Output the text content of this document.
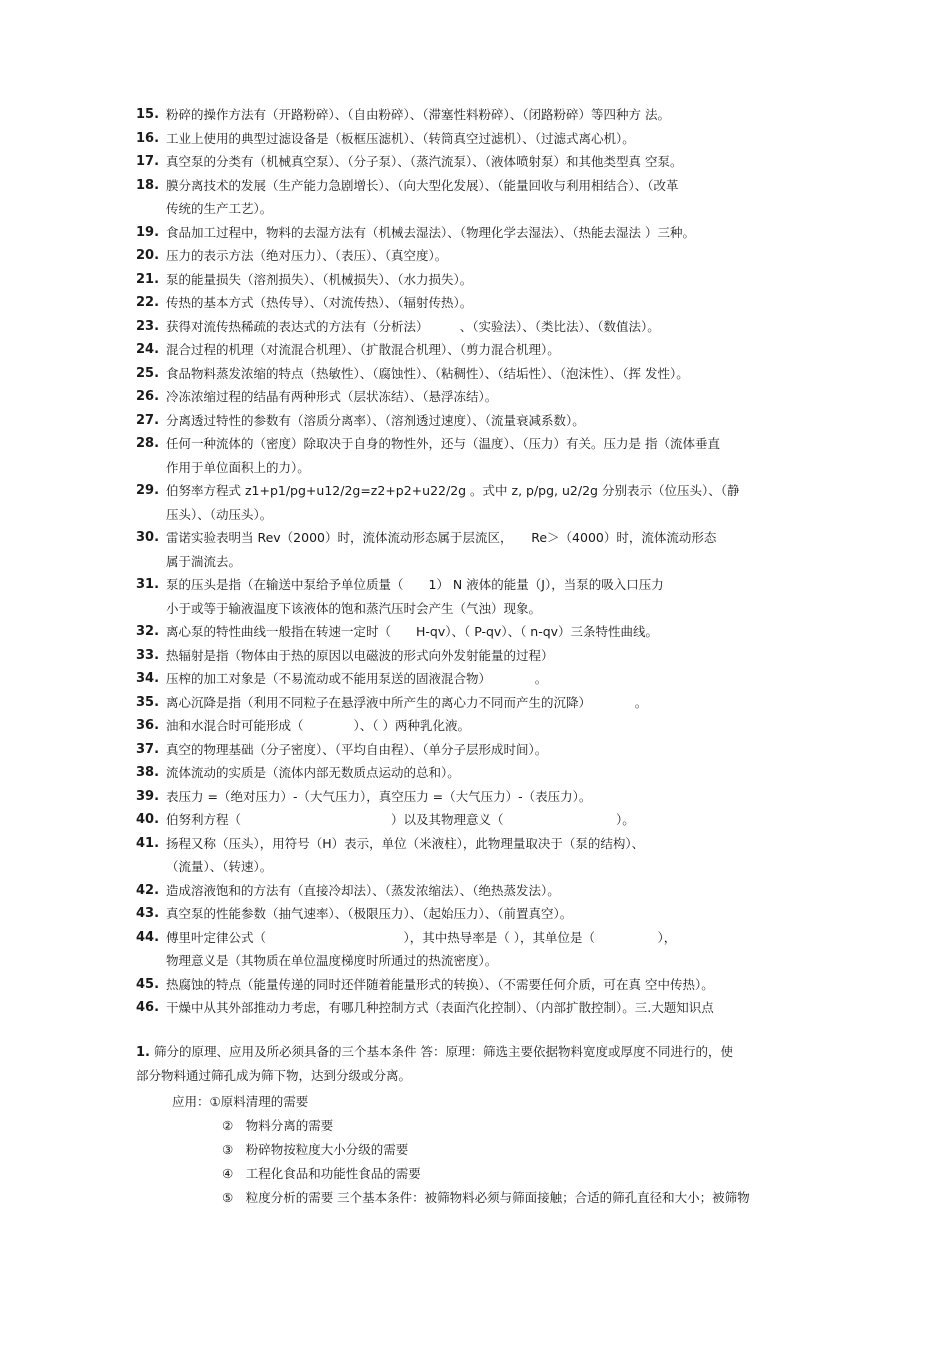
15. 粉碎的操作方法有（开路粉碎）、（自由粉碎）、（滞塞性料粉碎）、（闭路粉碎）等四种方 法。
16. 工业上使用的典型过滤设备是（板框压滤机）、（转筒真空过滤机）、（过滤式离心机）。
17. 真空泵的分类有（机械真空泵）、（分子泵）、（蒸汽流泵）、（液体喷射泵）和其他类型真 空泵。
18. 膜分离技术的发展（生产能力急剧增长）、（向大型化发展）、（能量回收与利用相结合）、（改革
传统的生产工艺）。
19. 食品加工过程中，物料的去湿方法有（机械去湿法）、（物理化学去湿法）、（热能去湿法 ）三种。
20. 压力的表示方法（绝对压力）、（表压）、（真空度）。
21. 泵的能量损失（溶剂损失）、（机械损失）、（水力损失）。
22. 传热的基本方式（热传导）、（对流传热）、（辐射传热）。
23. 获得对流传热稀疏的表达式的方法有（分析法）　　　、（实验法）、（类比法）、（数值法）。
24. 混合过程的机理（对流混合机理）、（扩散混合机理）、（剪力混合机理）。
25. 食品物料蒸发浓缩的特点（热敏性）、（腐蚀性）、（粘稠性）、（结垢性）、（泡沫性）、（挥 发性）。
26. 冷冻浓缩过程的结晶有两种形式（层状冻结）、（悬浮冻结）。
27. 分离透过特性的参数有（溶质分离率）、（溶剂透过速度）、（流量衰减系数）。
28. 任何一种流体的（密度）除取决于自身的物性外，还与（温度）、（压力）有关。压力是 指（流体垂直
作用于单位面积上的力）。
29. 伯努率方程式 z1+p1/pg+u12/2g=z2+p2+u22/2g 。式中 z, p/pg, u2/2g 分别表示（位压头）、（静
压头）、（动压头）。
30. 雷诺实验表明当 Rev（2000）时，流体流动形态属于层流区，　　Re＞（4000）时，流体流动形态
属于湍流去。
31. 泵的压头是指（在输送中泵给予单位质量（　　1） N 液体的能量（J），当泵的吸入口压力
小于或等于输液温度下该液体的饱和蒸汽压时会产生（气浊）现象。
32. 离心泵的特性曲线一般指在转速一定时（　　H-qv）、（ P-qv）、（ n-qv）三条特性曲线。
33. 热辐射是指（物体由于热的原因以电磁波的形式向外发射能量的过程）
34. 压榨的加工对象是（不易流动或不能用泵送的固液混合物）　　　　。
35. 离心沉降是指（利用不同粒子在悬浮液中所产生的离心力不同而产生的沉降）　　　　。
36. 油和水混合时可能形成（　　　　）、（ ）两种乳化液。
37. 真空的物理基础（分子密度）、（平均自由程）、（单分子层形成时间）。
38. 流体流动的实质是（流体内部无数质点运动的总和）。
39. 表压力 =（绝对压力）-（大气压力），真空压力 =（大气压力）-（表压力）。
40. 伯努利方程（　　　　　　　　　　　　）以及其物理意义（　　　　　　　　　）。
41. 扬程又称（压头），用符号（H）表示，单位（米液柱），此物理量取决于（泵的结构）、
（流量）、（转速）。
42. 造成溶液饱和的方法有（直接冷却法）、（蒸发浓缩法）、（绝热蒸发法）。
43. 真空泵的性能参数（抽气速率）、（极限压力）、（起始压力）、（前置真空）。
44. 傅里叶定律公式（　　　　　　　　　　　），其中热导率是（ ），其单位是（　　　　　），
物理意义是（其物质在单位温度梯度时所通过的热流密度）。
45. 热腐蚀的特点（能量传递的同时还伴随着能量形式的转换）、（不需要任何介质，可在真 空中传热）。
46. 干燥中从其外部推动力考虑，有哪几种控制方式（表面汽化控制）、（内部扩散控制）。三.大题知识点
1. 筛分的原理、应用及所必须具备的三个基本条件 答：原理：筛选主要依据物料宽度或厚度不同进行的，使
部分物料通过筛孔成为筛下物，达到分级或分离。
应用：①原料清理的需要
②　物料分离的需要
③　粉碎物按粒度大小分级的需要
④　工程化食品和功能性食品的需要
⑤　粒度分析的需要 三个基本条件：被筛物料必须与筛面接触；合适的筛孔直径和大小；被筛物
